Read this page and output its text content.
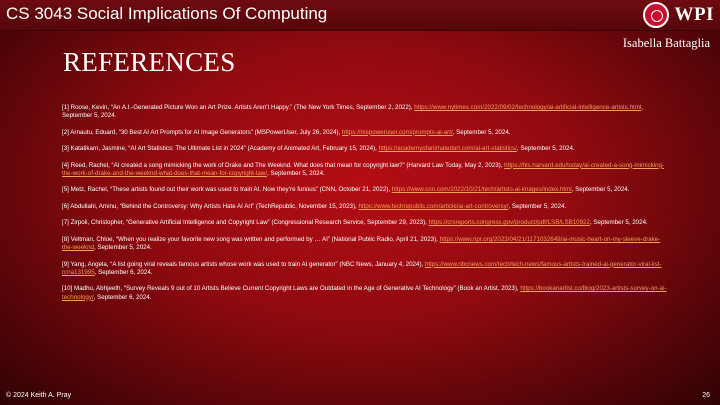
CS 3043 Social Implications Of Computing	WPI
Isabella Battaglia
REFERENCES
[1] Roose, Kevin, “An A.I.-Generated Picture Won an Art Prize. Artists Aren’t Happy.” (The New York Times, September 2, 2022), https://www.nytimes.com/2022/09/02/technology/ai-artificial-intelligence-artists.html, September 5, 2024.
[2] Arnautu, Eduard, “30 Best AI Art Prompts for AI Image Generators” (MSPowerUser, July 26, 2024), https://mspoweruser.com/prompts-ai-art/, September 5, 2024.
[3] Katatikarn, Jasmine, “AI Art Statistics: The Ultimate List in 2024” (Academy of Animated Art, February 15, 2024), https://academyofanimatedart.com/ai-art-statistics/, September 5, 2024.
[4] Reed, Rachel, “AI created a song mimicking the work of Drake and The Weeknd. What does that mean for copyright law?” (Harvard Law Today, May 2, 2023), https://hls.harvard.edu/today/ai-created-a-song-mimicking-the-work-of-drake-and-the-weeknd-what-does-that-mean-for-copyright-law/, September 5, 2024.
[5] Metz, Rachel, “These artists found out their work was used to train AI. Now they’re furious” (CNN, October 21, 2022), https://www.cnn.com/2022/10/21/tech/artists-ai-images/index.html, September 5, 2024.
[6] Abdullahi, Aminu, “Behind the Controversy: Why Artists Hate AI Art” (TechRepublic, November 15, 2023), https://www.techrepublic.com/article/ai-art-controversy/, September 5, 2024.
[7] Zirpoli, Christopher, “Generative Artificial Intelligence and Copyright Law” (Congressional Research Service, September 29, 2023), https://crsreports.congress.gov/product/pdf/LSB/LSB10922, September 5, 2024.
[8] Veltman, Chloe, “When you realize your favorite new song was written and performed by … AI” (National Public Radio, April 21, 2023), https://www.npr.org/2023/04/21/1171032649/ai-music-heart-on-my-sleeve-drake-the-weeknd, September 5, 2024.
[9] Yang, Angela, “A list going viral reveals famous artists whose work was used to train AI generator” (NBC News, January 4, 2024), https://www.nbcnews.com/tech/tech-news/famous-artists-trained-ai-generator-viral-list-rcna131995, September 6, 2024.
[10] Madhu, Abhjeeth, “Survey Reveals 9 out of 10 Artists Believe Current Copyright Laws are Outdated in the Age of Generative AI Technology” (Book an Artist, 2023), https://bookanartist.co/blog/2023-artists-survey-on-ai-technology/, September 6, 2024.
© 2024 Keith A. Pray	26
